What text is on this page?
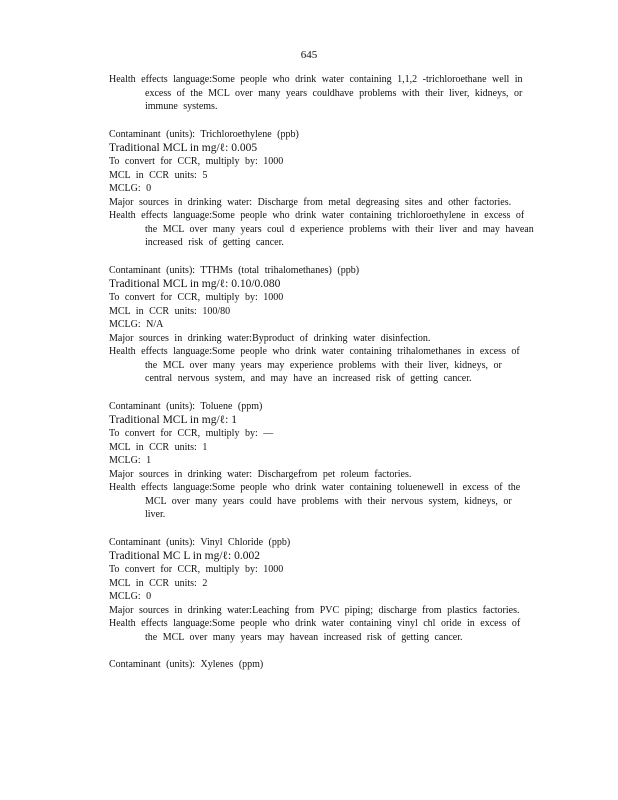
645
Health effects language:Some people who drink water containing 1,1,2 -trichloroethane well in excess of the MCL over many years couldhave problems with their liver, kidneys, or immune systems.
Contaminant (units): Trichloroethylene (ppb)
Traditional MCL in mg/ℓ: 0.005
To convert for CCR, multiply by: 1000
MCL in CCR units: 5
MCLG: 0
Major sources in drinking water: Discharge from metal degreasing sites and other factories.
Health effects language:Some people who drink water containing trichloroethylene in excess of the MCL over many years coul d experience problems with their liver and may havean increased risk of getting cancer.
Contaminant (units): TTHMs (total trihalomethanes) (ppb)
Traditional MCL in mg/ℓ: 0.10/0.080
To convert for CCR, multiply by: 1000
MCL in CCR units: 100/80
MCLG: N/A
Major sources in drinking water:Byproduct of drinking water disinfection.
Health effects language:Some people who drink water containing trihalomethanes in excess of the MCL over many years may experience problems with their liver, kidneys, or central nervous system, and may have an increased risk of getting cancer.
Contaminant (units): Toluene (ppm)
Traditional MCL in mg/ℓ: 1
To convert for CCR, multiply by: —
MCL in CCR units: 1
MCLG: 1
Major sources in drinking water: Dischargefrom pet roleum factories.
Health effects language:Some people who drink water containing toluenewell in excess of the MCL over many years could have problems with their nervous system, kidneys, or liver.
Contaminant (units): Vinyl Chloride (ppb)
Traditional MC L in mg/ℓ: 0.002
To convert for CCR, multiply by: 1000
MCL in CCR units: 2
MCLG: 0
Major sources in drinking water:Leaching from PVC piping; discharge from plastics factories.
Health effects language:Some people who drink water containing vinyl chl oride in excess of the MCL over many years may havean increased risk of getting cancer.
Contaminant (units): Xylenes (ppm)
